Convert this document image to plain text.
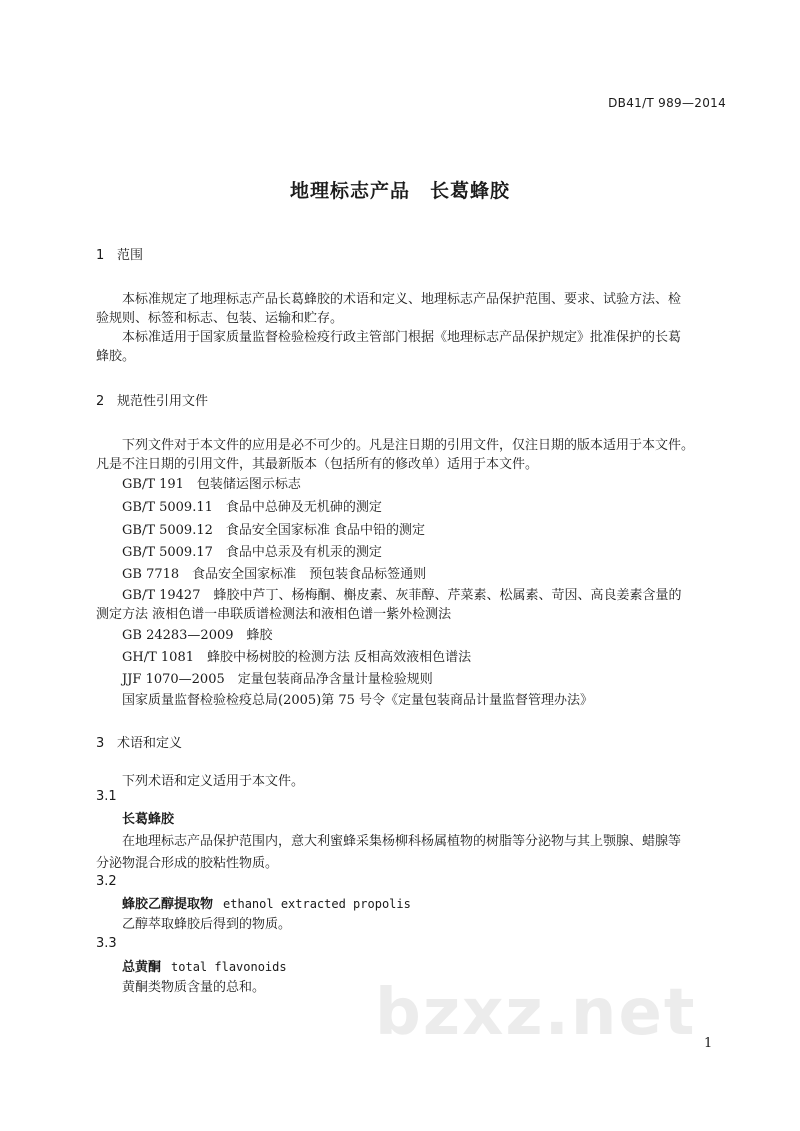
DB41/T 989—2014
地理标志产品　长葛蜂胶
1 范围
本标准规定了地理标志产品长葛蜂胶的术语和定义、地理标志产品保护范围、要求、试验方法、检
验规则、标签和标志、包装、运输和贮存。
本标准适用于国家质量监督检验检疫行政主管部门根据《地理标志产品保护规定》批准保护的长葛
蜂胶。
2 规范性引用文件
下列文件对于本文件的应用是必不可少的。凡是注日期的引用文件，仅注日期的版本适用于本文件。
凡是不注日期的引用文件，其最新版本（包括所有的修改单）适用于本文件。
GB/T 191　包装储运图示标志
GB/T 5009.11　食品中总砷及无机砷的测定
GB/T 5009.12　食品安全国家标准 食品中铅的测定
GB/T 5009.17　食品中总汞及有机汞的测定
GB 7718　食品安全国家标准　预包装食品标签通则
GB/T 19427　蜂胶中芦丁、杨梅酮、槲皮素、灰菲醇、芹菜素、松属素、苛因、高良姜素含量的
测定方法 液相色谱一串联质谱检测法和液相色谱一紫外检测法
GB 24283—2009　蜂胶
GH/T 1081　蜂胶中杨树胶的检测方法 反相高效液相色谱法
JJF 1070—2005　定量包装商品净含量计量检验规则
国家质量监督检验检疫总局(2005)第 75 号令《定量包装商品计量监督管理办法》
3 术语和定义
下列术语和定义适用于本文件。
3.1
长葛蜂胶
在地理标志产品保护范围内，意大利蜜蜂采集杨柳科杨属植物的树脂等分泌物与其上颚腺、蜡腺等
分泌物混合形成的胶粘性物质。
3.2
蜂胶乙醇提取物 ethanol extracted propolis
乙醇萃取蜂胶后得到的物质。
3.3
总黄酮 total flavonoids
黄酮类物质含量的总和。 bzxz.net 1
